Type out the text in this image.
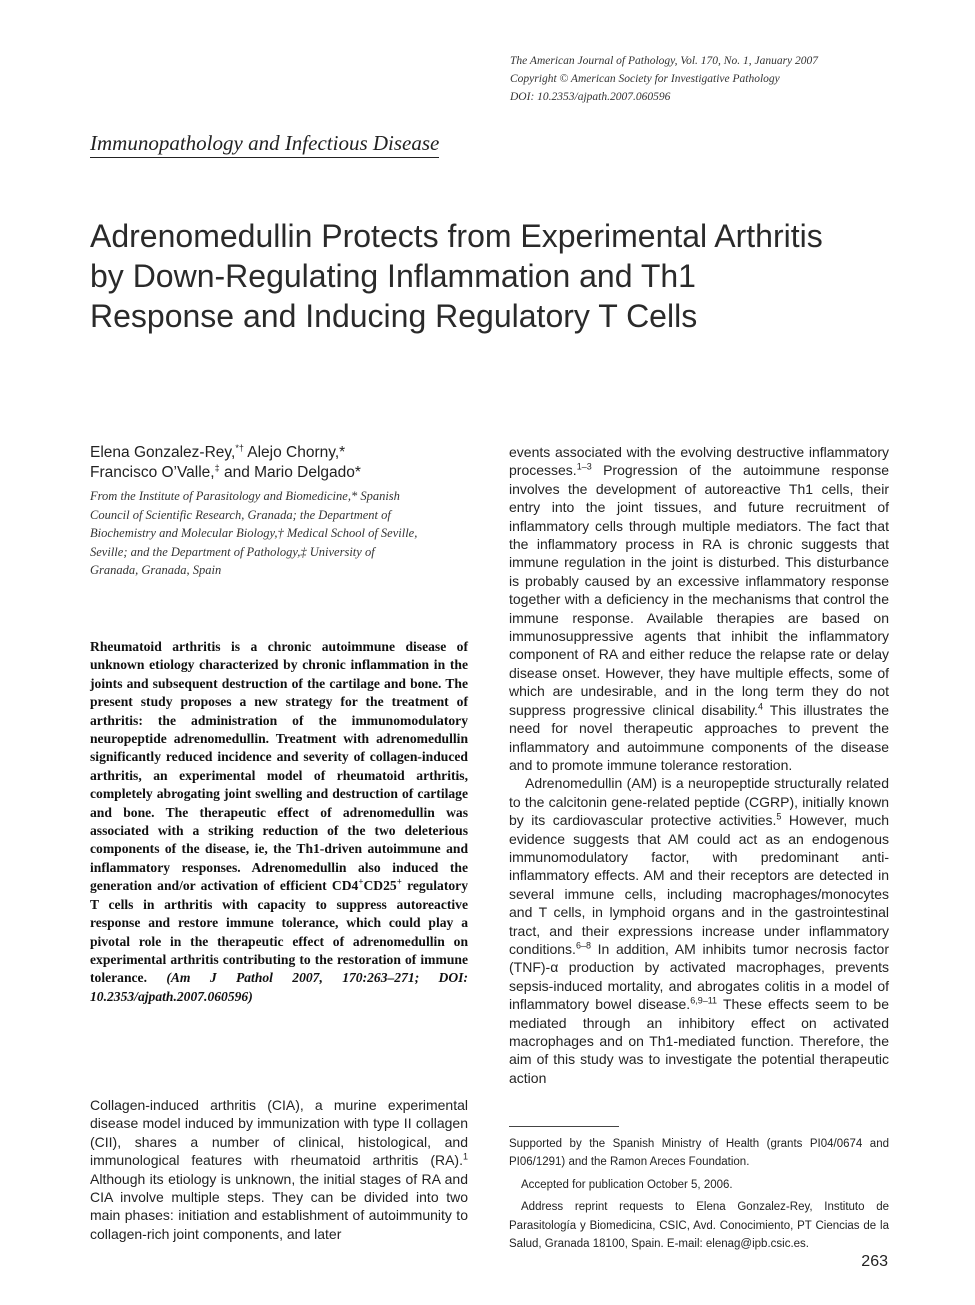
The American Journal of Pathology, Vol. 170, No. 1, January 2007
Copyright © American Society for Investigative Pathology
DOI: 10.2353/ajpath.2007.060596
Immunopathology and Infectious Disease
Adrenomedullin Protects from Experimental Arthritis
by Down-Regulating Inflammation and Th1
Response and Inducing Regulatory T Cells
Elena Gonzalez-Rey,*† Alejo Chorny,*
Francisco O’Valle,‡ and Mario Delgado*
From the Institute of Parasitology and Biomedicine,* Spanish
Council of Scientific Research, Granada; the Department of
Biochemistry and Molecular Biology,† Medical School of Seville,
Seville; and the Department of Pathology,‡ University of
Granada, Granada, Spain
Rheumatoid arthritis is a chronic autoimmune disease of unknown etiology characterized by chronic inflammation in the joints and subsequent destruction of the cartilage and bone. The present study proposes a new strategy for the treatment of arthritis: the administration of the immunomodulatory neuropeptide adrenomedullin. Treatment with adrenomedullin significantly reduced incidence and severity of collagen-induced arthritis, an experimental model of rheumatoid arthritis, completely abrogating joint swelling and destruction of cartilage and bone. The therapeutic effect of adrenomedullin was associated with a striking reduction of the two deleterious components of the disease, ie, the Th1-driven autoimmune and inflammatory responses. Adrenomedullin also induced the generation and/or activation of efficient CD4+CD25+ regulatory T cells in arthritis with capacity to suppress autoreactive response and restore immune tolerance, which could play a pivotal role in the therapeutic effect of adrenomedullin on experimental arthritis contributing to the restoration of immune tolerance. (Am J Pathol 2007, 170:263–271; DOI: 10.2353/ajpath.2007.060596)

Collagen-induced arthritis (CIA), a murine experimental disease model induced by immunization with type II collagen (CII), shares a number of clinical, histological, and immunological features with rheumatoid arthritis (RA).$^1$ Although its etiology is unknown, the initial stages of RA and CIA involve multiple steps. They can be divided into two main phases: initiation and establishment of autoimmunity to collagen-rich joint components, and later

events associated with the evolving destructive inflammatory processes.$^{1-3}$ Progression of the autoimmune response involves the development of autoreactive Th1 cells, their entry into the joint tissues, and future recruitment of inflammatory cells through multiple mediators. The fact that the inflammatory process in RA is chronic suggests that immune regulation in the joint is disturbed. This disturbance is probably caused by an excessive inflammatory response together with a deficiency in the mechanisms that control the immune response. Available therapies are based on immunosuppressive agents that inhibit the inflammatory component of RA and either reduce the relapse rate or delay disease onset. However, they have multiple effects, some of which are undesirable, and in the long term they do not suppress progressive clinical disability.$^4$ This illustrates the need for novel therapeutic approaches to prevent the inflammatory and autoimmune components of the disease and to promote immune tolerance restoration.

Adrenomedullin (AM) is a neuropeptide structurally related to the calcitonin gene-related peptide (CGRP), initially known by its cardiovascular protective activities.$^5$ However, much evidence suggests that AM could act as an endogenous immunomodulatory factor, with predominant anti-inflammatory effects. AM and their receptors are detected in several immune cells, including macrophages/monocytes and T cells, in lymphoid organs and in the gastrointestinal tract, and their expressions increase under inflammatory conditions.$^{6-8}$ In addition, AM inhibits tumor necrosis factor (TNF)-α production by activated macrophages, prevents sepsis-induced mortality, and abrogates colitis in a model of inflammatory bowel disease.$^{6,9-11}$ These effects seem to be mediated through an inhibitory effect on activated macrophages and on Th1-mediated function. Therefore, the aim of this study was to investigate the potential therapeutic action

Supported by the Spanish Ministry of Health (grants PI04/0674 and PI06/1291) and the Ramon Areces Foundation.

Accepted for publication October 5, 2006.

Address reprint requests to Elena Gonzalez-Rey, Instituto de Parasitología y Biomedicina, CSIC, Avd. Conocimiento, PT Ciencias de la Salud, Granada 18100, Spain. E-mail: elenag@ipb.csic.es.

263
